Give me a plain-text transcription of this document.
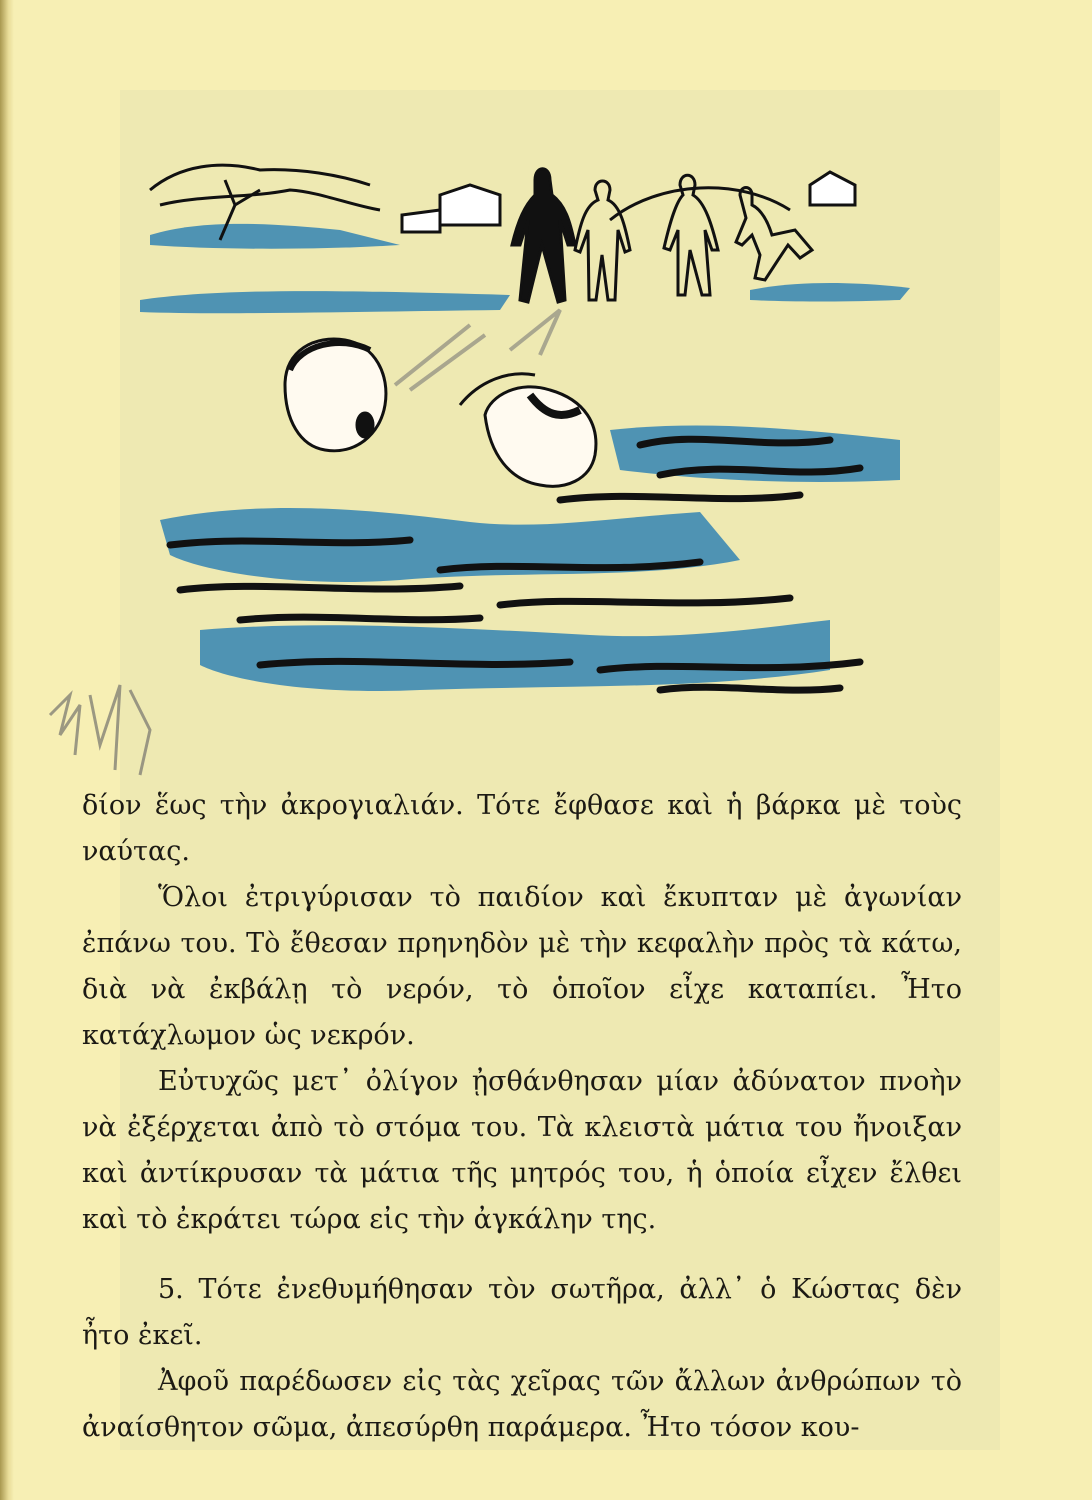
δίον ἕως τὴν ἀκρογιαλιάν. Τότε ἔφθασε καὶ ἡ βάρκα μὲ τοὺς ναύτας.

Ὅλοι ἐτριγύρισαν τὸ παιδίον καὶ ἔκυπταν μὲ ἀγωνίαν ἐπάνω του. Τὸ ἔθεσαν πρηνηδὸν μὲ τὴν κεφαλὴν πρὸς τὰ κάτω, διὰ νὰ ἐκβάλῃ τὸ νερόν, τὸ ὁποῖον εἶχε καταπίει. Ἦτο κατάχλωμον ὡς νεκρόν.

Εὐτυχῶς μετ᾽ ὀλίγον ᾐσθάνθησαν μίαν ἀδύνατον πνοὴν νὰ ἐξέρχεται ἀπὸ τὸ στόμα του. Τὰ κλειστὰ μάτια του ἤνοιξαν καὶ ἀντίκρυσαν τὰ μάτια τῆς μητρός του, ἡ ὁποία εἶχεν ἔλθει καὶ τὸ ἐκράτει τώρα εἰς τὴν ἀγκάλην της.

5. Τότε ἐνεθυμήθησαν τὸν σωτῆρα, ἀλλ᾽ ὁ Κώστας δὲν ἦτο ἐκεῖ.

Ἀφοῦ παρέδωσεν εἰς τὰς χεῖρας τῶν ἄλλων ἀνθρώπων τὸ ἀναίσθητον σῶμα, ἀπεσύρθη παράμερα. Ἦτο τόσον κου-
